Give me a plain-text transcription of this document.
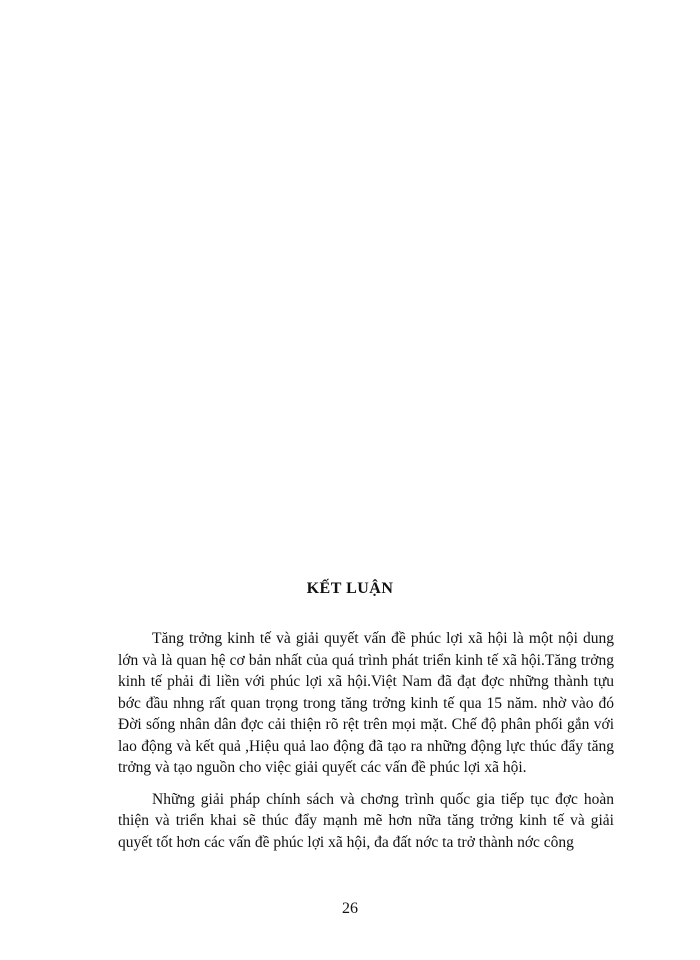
KẾT LUẬN

Tăng trởng kinh tế và giải quyết vấn đề phúc lợi xã hội là một nội dung lớn và là quan hệ cơ bản nhất của quá trình phát triển kinh tế xã hội.Tăng trởng kinh tế phải đi liền với phúc lợi xã hội.Việt Nam đã đạt đợc những thành tựu bớc đầu nhng rất quan trọng trong tăng trởng kinh tế qua 15 năm. nhờ vào đó Đời sống nhân dân đợc cải thiện rõ rệt trên mọi mặt. Chế độ phân phối gắn với lao động và kết quả ,Hiệu quả lao động đã tạo ra những động lực thúc đẩy tăng trởng và tạo nguồn cho việc giải quyết các vấn đề phúc lợi xã hội.

Những giải pháp chính sách và chơng trình quốc gia tiếp tục đợc hoàn thiện và triển khai sẽ thúc đẩy mạnh mẽ hơn nữa tăng trởng kinh tế và giải quyết tốt hơn các vấn đề phúc lợi xã hội, đa đất nớc ta trở thành nớc công

26
